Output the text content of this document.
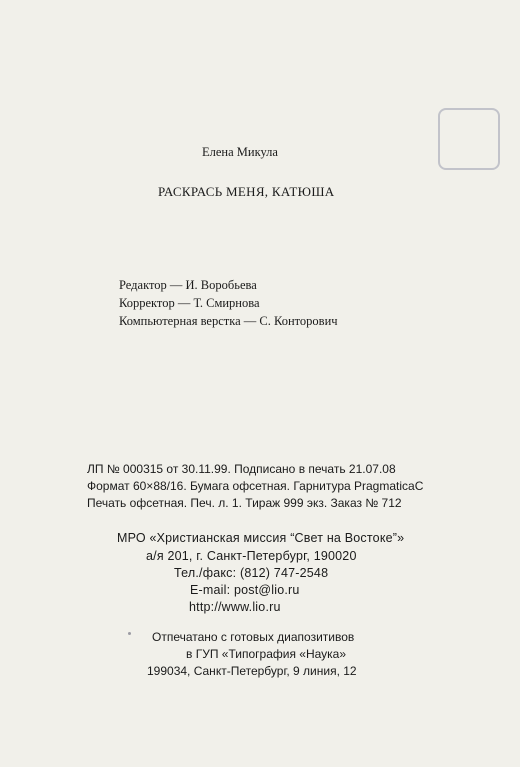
Елена Микула
РАСКРАСЬ МЕНЯ, КАТЮША
Редактор — И. Воробьева
Корректор — Т. Смирнова
Компьютерная верстка — С. Конторович
ЛП № 000315 от 30.11.99. Подписано в печать 21.07.08
Формат 60×88/16. Бумага офсетная. Гарнитура PragmaticaC
Печать офсетная. Печ. л. 1. Тираж 999 экз. Заказ № 712
МРО «Христианская миссия “Свет на Востоке”»
а/я 201, г. Санкт-Петербург, 190020
Тел./факс: (812) 747-2548
E-mail: post@lio.ru
http://www.lio.ru
Отпечатано с готовых диапозитивов
в ГУП «Типография «Наука»
199034, Санкт-Петербург, 9 линия, 12
